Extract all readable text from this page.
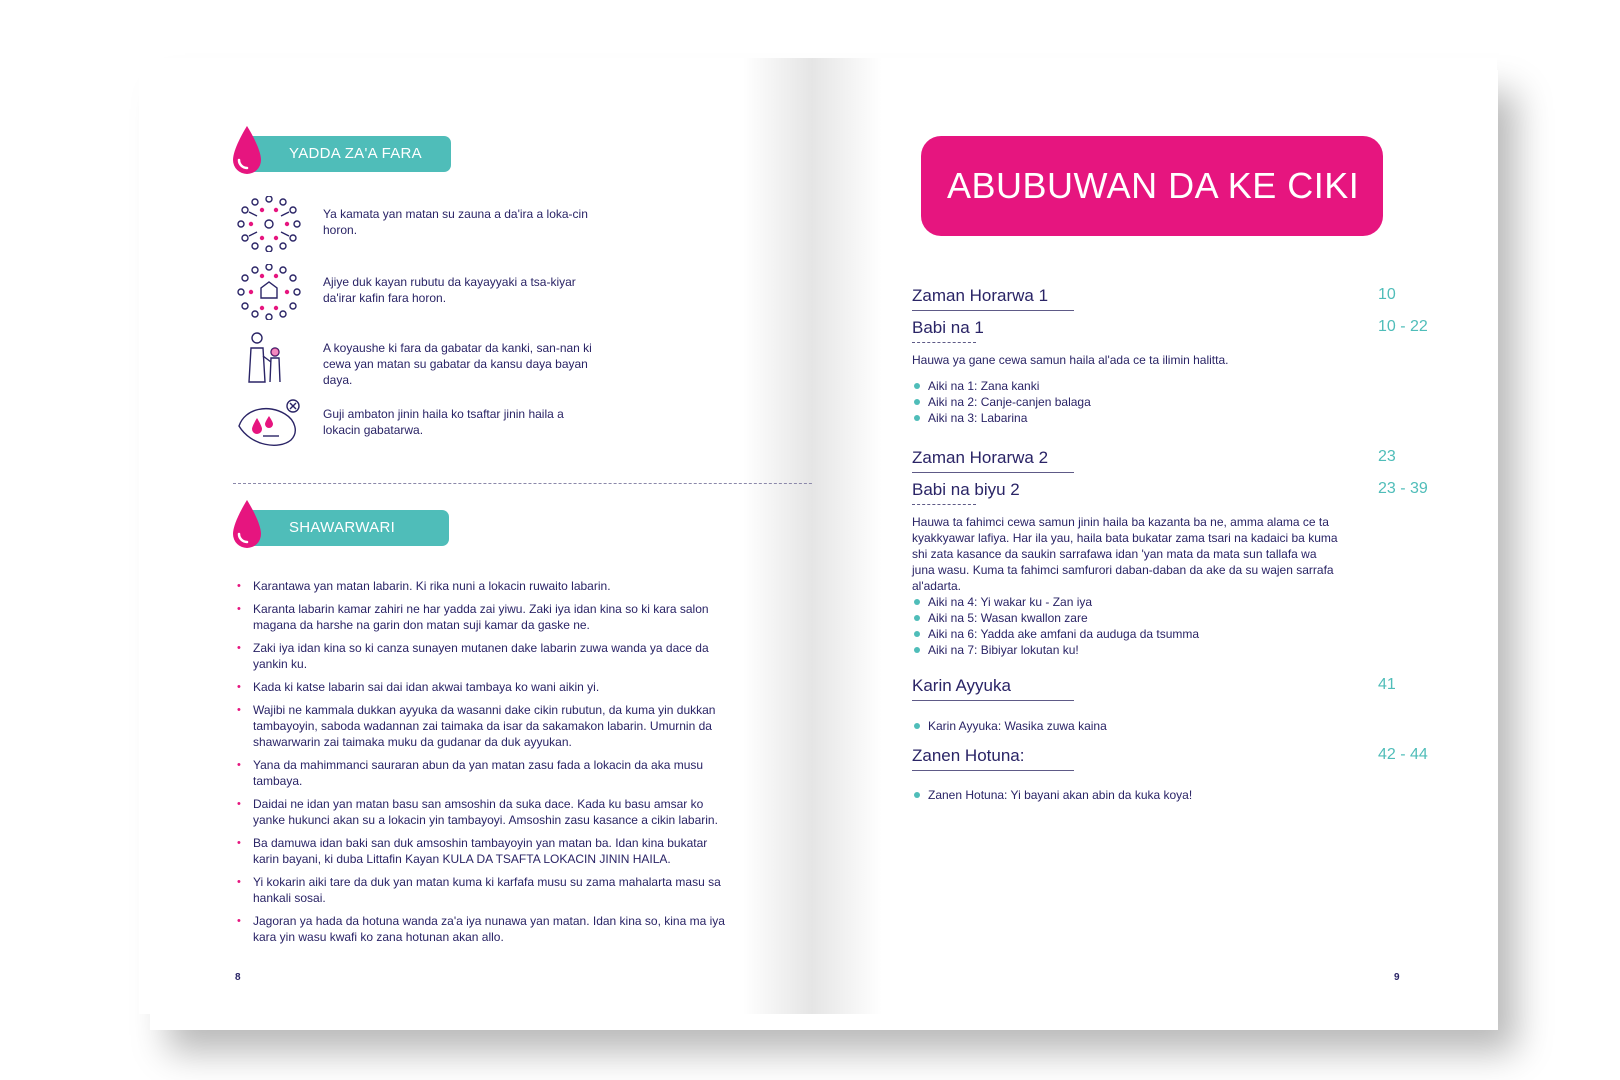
YADDA ZA'A FARA
Ya kamata yan matan su zauna a da'ira a loka-cin horon.
Ajiye duk kayan rubutu da kayayyaki a tsa-kiyar da'irar kafin fara horon.
A koyaushe ki fara da gabatar da kanki, san-nan ki cewa yan matan su gabatar da kansu daya bayan daya.
Guji ambaton jinin haila ko tsaftar jinin haila a lokacin gabatarwa.
SHAWARWARI
• Karantawa yan matan labarin. Ki rika nuni a lokacin ruwaito labarin.
• Karanta labarin kamar zahiri ne har yadda zai yiwu. Zaki iya idan kina so ki kara salon magana da harshe na garin don matan suji kamar da gaske ne.
• Zaki iya idan kina so ki canza sunayen mutanen dake labarin zuwa wanda ya dace da yankin ku.
• Kada ki katse labarin sai dai idan akwai tambaya ko wani aikin yi.
• Wajibi ne kammala dukkan ayyuka da wasanni dake cikin rubutun, da kuma yin dukkan tambayoyin, saboda wadannan zai taimaka da isar da sakamakon labarin. Umurnin da shawarwarin zai taimaka muku da gudanar da duk ayyukan.
• Yana da mahimmanci sauraran abun da yan matan zasu fada a lokacin da aka musu tambaya.
• Daidai ne idan yan matan basu san amsoshin da suka dace. Kada ku basu amsar ko yanke hukunci akan su a lokacin yin tambayoyi. Amsoshin zasu kasance a cikin labarin.
• Ba damuwa idan baki san duk amsoshin tambayoyin yan matan ba. Idan kina bukatar karin bayani, ki duba Littafin Kayan KULA DA TSAFTA LOKACIN JININ HAILA.
• Yi kokarin aiki tare da duk yan matan kuma ki karfafa musu su zama mahalarta masu sa hankali sosai.
• Jagoran ya hada da hotuna wanda za'a iya nunawa yan matan. Idan kina so, kina ma iya kara yin wasu kwafi ko zana hotunan akan allo.
8
ABUBUWAN DA KE CIKI
Zaman Horarwa 1	10
Babi na 1	10 - 22
Hauwa ya gane cewa samun haila al'ada ce ta ilimin halitta.
Aiki na 1: Zana kanki
Aiki na 2: Canje-canjen balaga
Aiki na 3: Labarina
Zaman Horarwa 2	23
Babi na biyu 2	23 - 39
Hauwa ta fahimci cewa samun jinin haila ba kazanta ba ne, amma alama ce ta kyakkyawar lafiya. Har ila yau, haila bata bukatar zama tsari na kadaici ba kuma shi zata kasance da saukin sarrafawa idan 'yan mata da mata sun tallafa wa juna wasu. Kuma ta fahimci samfurori daban-daban da ake da su wajen sarrafa al'adarta.
Aiki na 4: Yi wakar ku - Zan iya
Aiki na 5: Wasan kwallon zare
Aiki na 6: Yadda ake amfani da auduga da tsumma
Aiki na 7: Bibiyar lokutan ku!
Karin Ayyuka	41
Karin Ayyuka: Wasika zuwa kaina
Zanen Hotuna:	42 - 44
Zanen Hotuna: Yi bayani akan abin da kuka koya!
9
